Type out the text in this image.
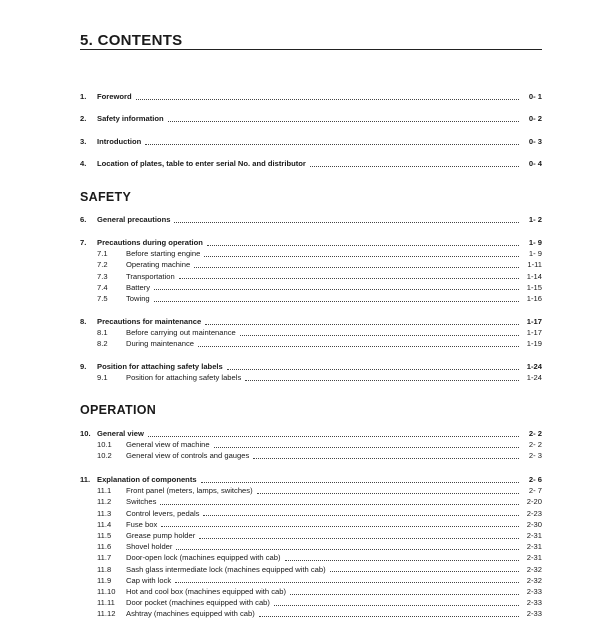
5. CONTENTS
1.	Foreword	0- 1
2.	Safety information	0- 2
3.	Introduction	0- 3
4.	Location of plates, table to enter serial No. and distributor	0- 4
SAFETY
6.	General precautions	1- 2
7.	Precautions during operation	1- 9
7.1	Before starting engine	1- 9
7.2	Operating machine	1-11
7.3	Transportation	1-14
7.4	Battery	1-15
7.5	Towing	1-16
8.	Precautions for maintenance	1-17
8.1	Before carrying out maintenance	1-17
8.2	During maintenance	1-19
9.	Position for attaching safety labels	1-24
9.1	Position for attaching safety labels	1-24
OPERATION
10. General view	2- 2
10.1	General view of machine	2- 2
10.2	General view of controls and gauges	2- 3
11. Explanation of components	2- 6
11.1	Front panel (meters, lamps, switches)	2- 7
11.2	Switches	2-20
11.3	Control levers, pedals	2-23
11.4	Fuse box	2-30
11.5	Grease pump holder	2-31
11.6	Shovel holder	2-31
11.7	Door-open lock (machines equipped with cab)	2-31
11.8	Sash glass intermediate lock (machines equipped with cab)	2-32
11.9	Cap with lock	2-32
11.10	Hot and cool box (machines equipped with cab)	2-33
11.11	Door pocket (machines equipped with cab)	2-33
11.12	Ashtray (machines equipped with cab)	2-33
